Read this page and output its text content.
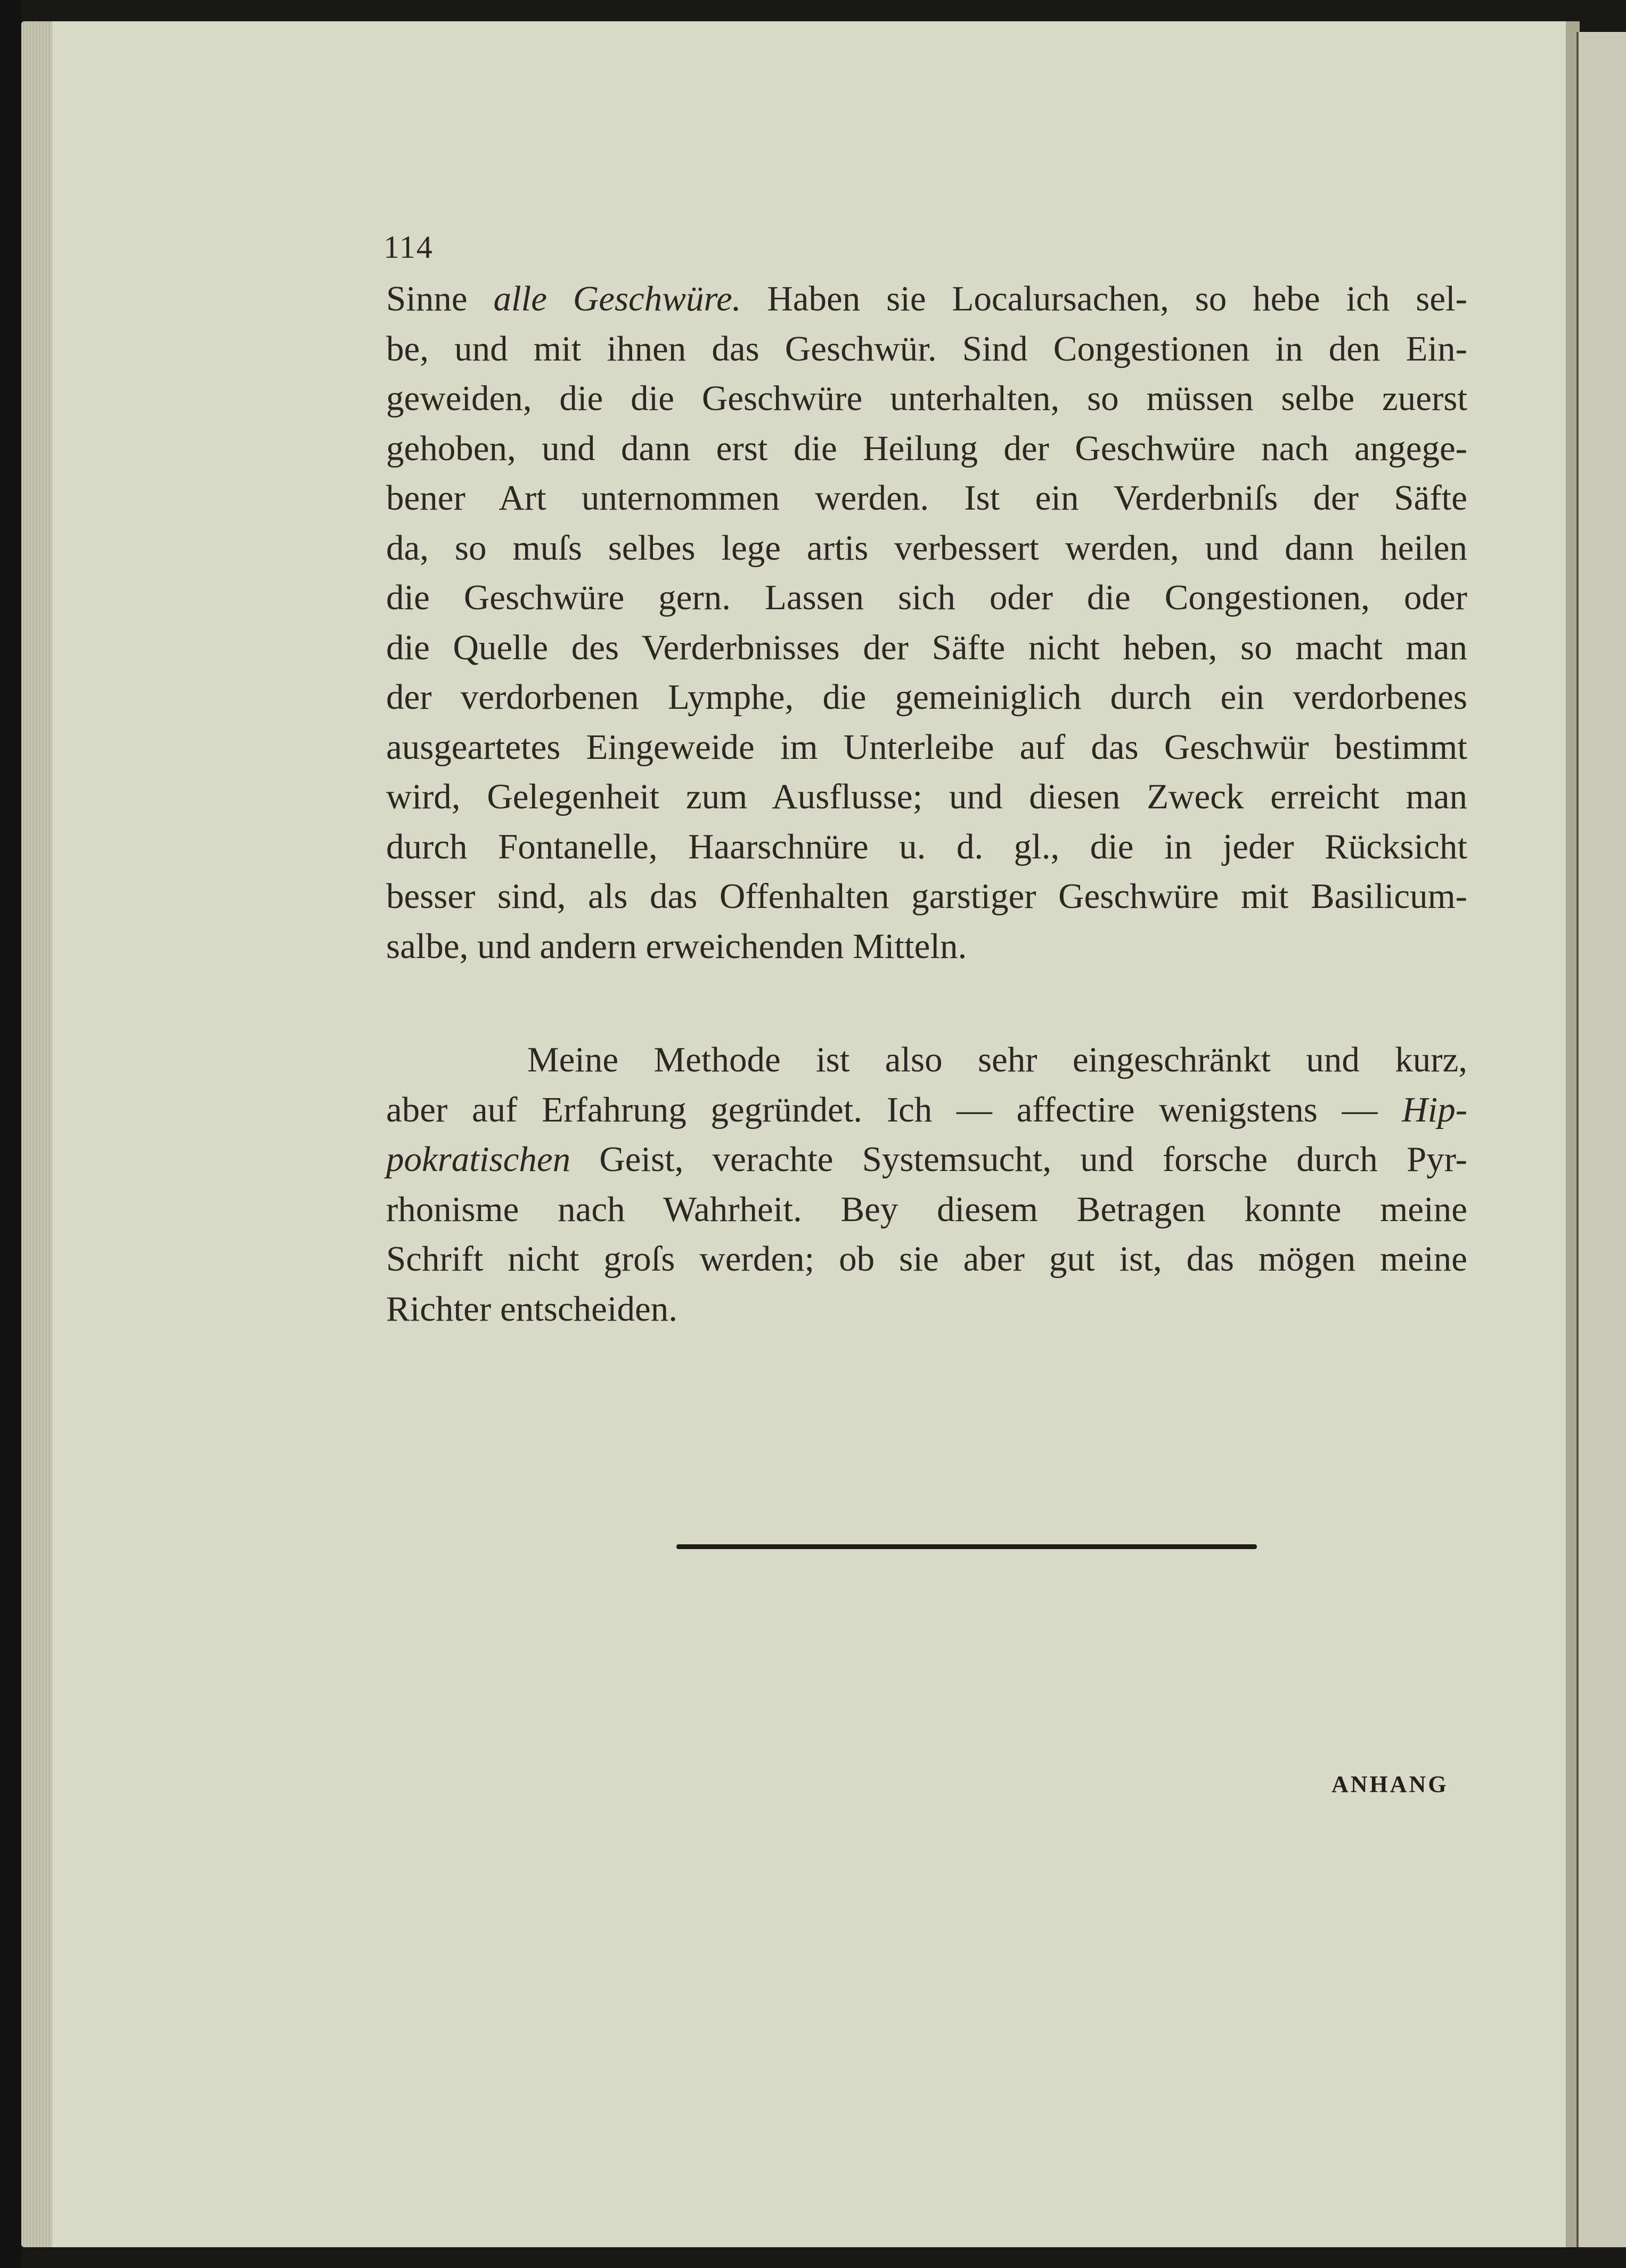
114
Sinne alle Geschwüre. Haben sie Localursachen, so hebe ich sel-
be, und mit ihnen das Geschwür. Sind Congestionen in den Ein-
geweiden, die die Geschwüre unterhalten, so müssen selbe zuerst
gehoben, und dann erst die Heilung der Geschwüre nach angege-
bener Art unternommen werden. Ist ein Verderbniſs der Säfte
da, so muſs selbes lege artis verbessert werden, und dann heilen
die Geschwüre gern. Lassen sich oder die Congestionen, oder
die Quelle des Verderbnisses der Säfte nicht heben, so macht man
der verdorbenen Lymphe, die gemeiniglich durch ein verdorbenes
ausgeartetes Eingeweide im Unterleibe auf das Geschwür bestimmt
wird, Gelegenheit zum Ausflusse; und diesen Zweck erreicht man
durch Fontanelle, Haarschnüre u. d. gl., die in jeder Rücksicht
besser sind, als das Offenhalten garstiger Geschwüre mit Basilicum-
salbe, und andern erweichenden Mitteln.
Meine Methode ist also sehr eingeschränkt und kurz,
aber auf Erfahrung gegründet. Ich — affectire wenigstens — Hip-
pokratischen Geist, verachte Systemsucht, und forsche durch Pyr-
rhonisme nach Wahrheit. Bey diesem Betragen konnte meine
Schrift nicht groſs werden; ob sie aber gut ist, das mögen meine
Richter entscheiden.
ANHANG
